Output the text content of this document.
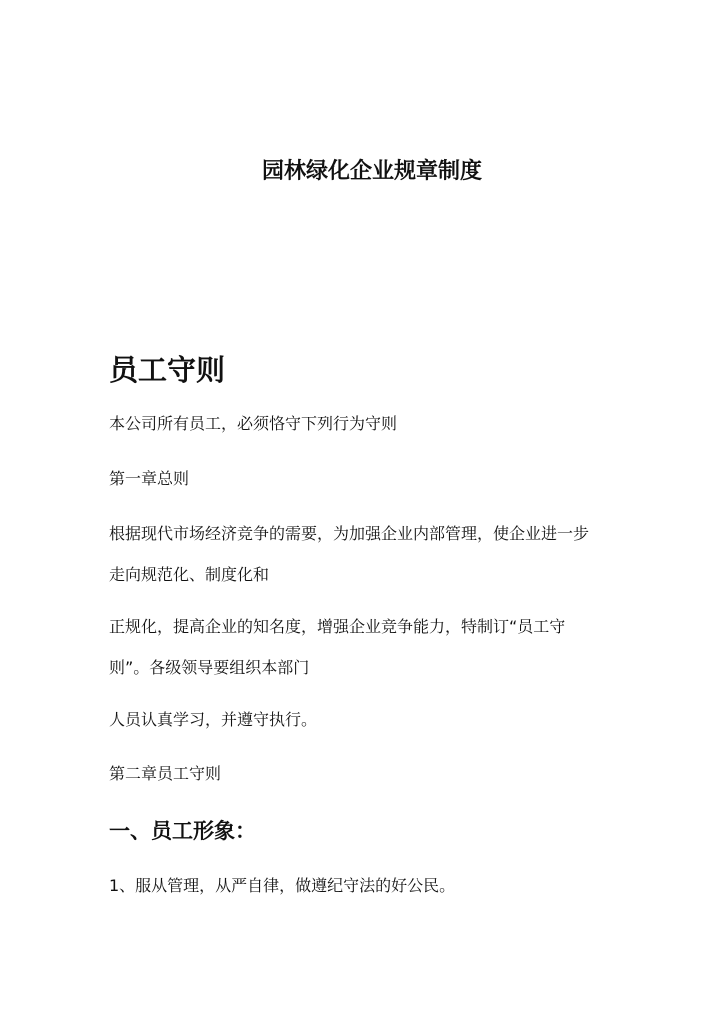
园林绿化企业规章制度
员工守则
本公司所有员工，必须恪守下列行为守则
第一章总则
根据现代市场经济竞争的需要，为加强企业内部管理，使企业进一步
走向规范化、制度化和
正规化，提高企业的知名度，增强企业竞争能力，特制订“员工守
则”。各级领导要组织本部门
人员认真学习，并遵守执行。
第二章员工守则
一、员工形象：
1、服从管理，从严自律，做遵纪守法的好公民。
